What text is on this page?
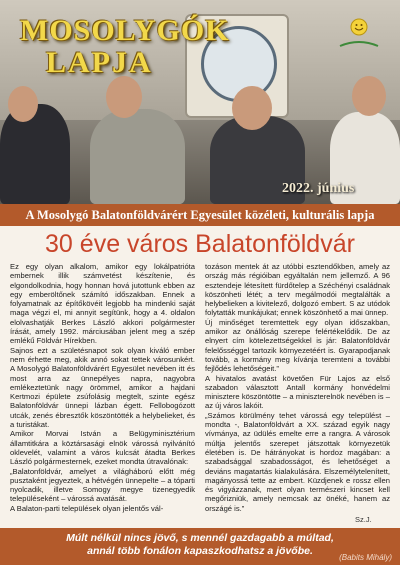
MOSOLYGÓK
LAPJA
2022. június
A Mosolygó Balatonföldvárért Egyesület közéleti, kulturális lapja
30 éve város Balatonföldvár

Ez egy olyan alkalom, amikor egy lokálpatrióta embernek illik számvetést készítenie, és elgondolkodnia, hogy honnan hová jutottunk ebben az egy emberöltőnek számító időszakban. Ennek a folyamatnak az építőkövéit legjobb ha mindenki saját maga végzi el, mi annyit segítünk, hogy a 4. oldalon elolvashatják Berkes László akkori polgármester írását, amely 1992. márciusában jelent meg a szép emlékű Földvár Hírekben.

Sajnos ezt a születésnapot sok olyan kiváló ember nem érhette meg, akik annó sokat tettek városunkért. A Mosolygó Balatonföldvárért Egyesület nevében itt és most arra az ünnepélyes napra, nagyobra emlékeztetünk nagy örömmel, amikor a hajdani Kertmozi épülete zsúfolásig megtelt, szinte egész Balatonföldvár ünnepi lázban égett. Fellobogózott utcák, zenés ébresztők köszöntötték a helybelieket, és a turistákat.

Amikor Morvai István a Belügyminisztérium államtitkára a köztársasági elnök várossá nyilvánító oklevelét, valamint a város kulcsát átadta Berkes László polgármesternek, ezeket mondta útravalónak:

„Balatonföldvár, amelyet a világháború előtt még pusztaként jegyeztek, a hétvégén ünnepelte – a tóparti nyolcadik, illetve Somogy megye tizenegyedik településeként – várossá avatását.

A Balaton-parti települések olyan jelentős vál-

tozáson mentek át az utóbbi esztendőkben, amely az ország más régióiban egyáltalán nem jellemző. A 96 esztendeje létesített fürdőtelep a Széchényi családnak köszönheti létét; a terv megálmodói megtalálták a helybelieken a kivitelező, dolgozó embert. S az utódok folytatták munkájukat; ennek köszönhető a mai ünnep.

Új minőséget teremtettek egy olyan időszakban, amikor az önállóság szerepe felértékelődik. De az elnyert cím kötelezettségekkel is jár: Balatonföldvár felelősséggel tartozik környezetéért is. Gyarapodjanak tovább, a kormány meg kívánja teremteni a további fejlődés lehetőségeit.”

A hivatalos avatást követően Für Lajos az első szabadon választott Antall kormány honvédelmi minisztere köszöntötte – a miniszterelnök nevében is – az új város lakóit.

„Számos körülmény tehet várossá egy települést – mondta -, Balatonföldvárt a XX. század egyik nagy vívmánya, az üdülés emelte erre a rangra. A városok múltja jelentős szerepet játszottak környezetük életében is. De hátrányokat is hordoz magában: a szabadsággal szabadosságot, és lehetőséget a deviáns magatartás kialakulására. Elszemélytelenített, magányossá tette az embert. Küzdjenek e rossz ellen és vigyázzanak, mert olyan természeri kincset kell megőrizniük, amely nemcsak az önéké, hanem az országé is.”

Sz.J.
Múlt nélkül nincs jövő, s mennél gazdagabb a múltad,
annál több fonálon kapaszkodhatsz a jövőbe.
(Babits Mihály)
